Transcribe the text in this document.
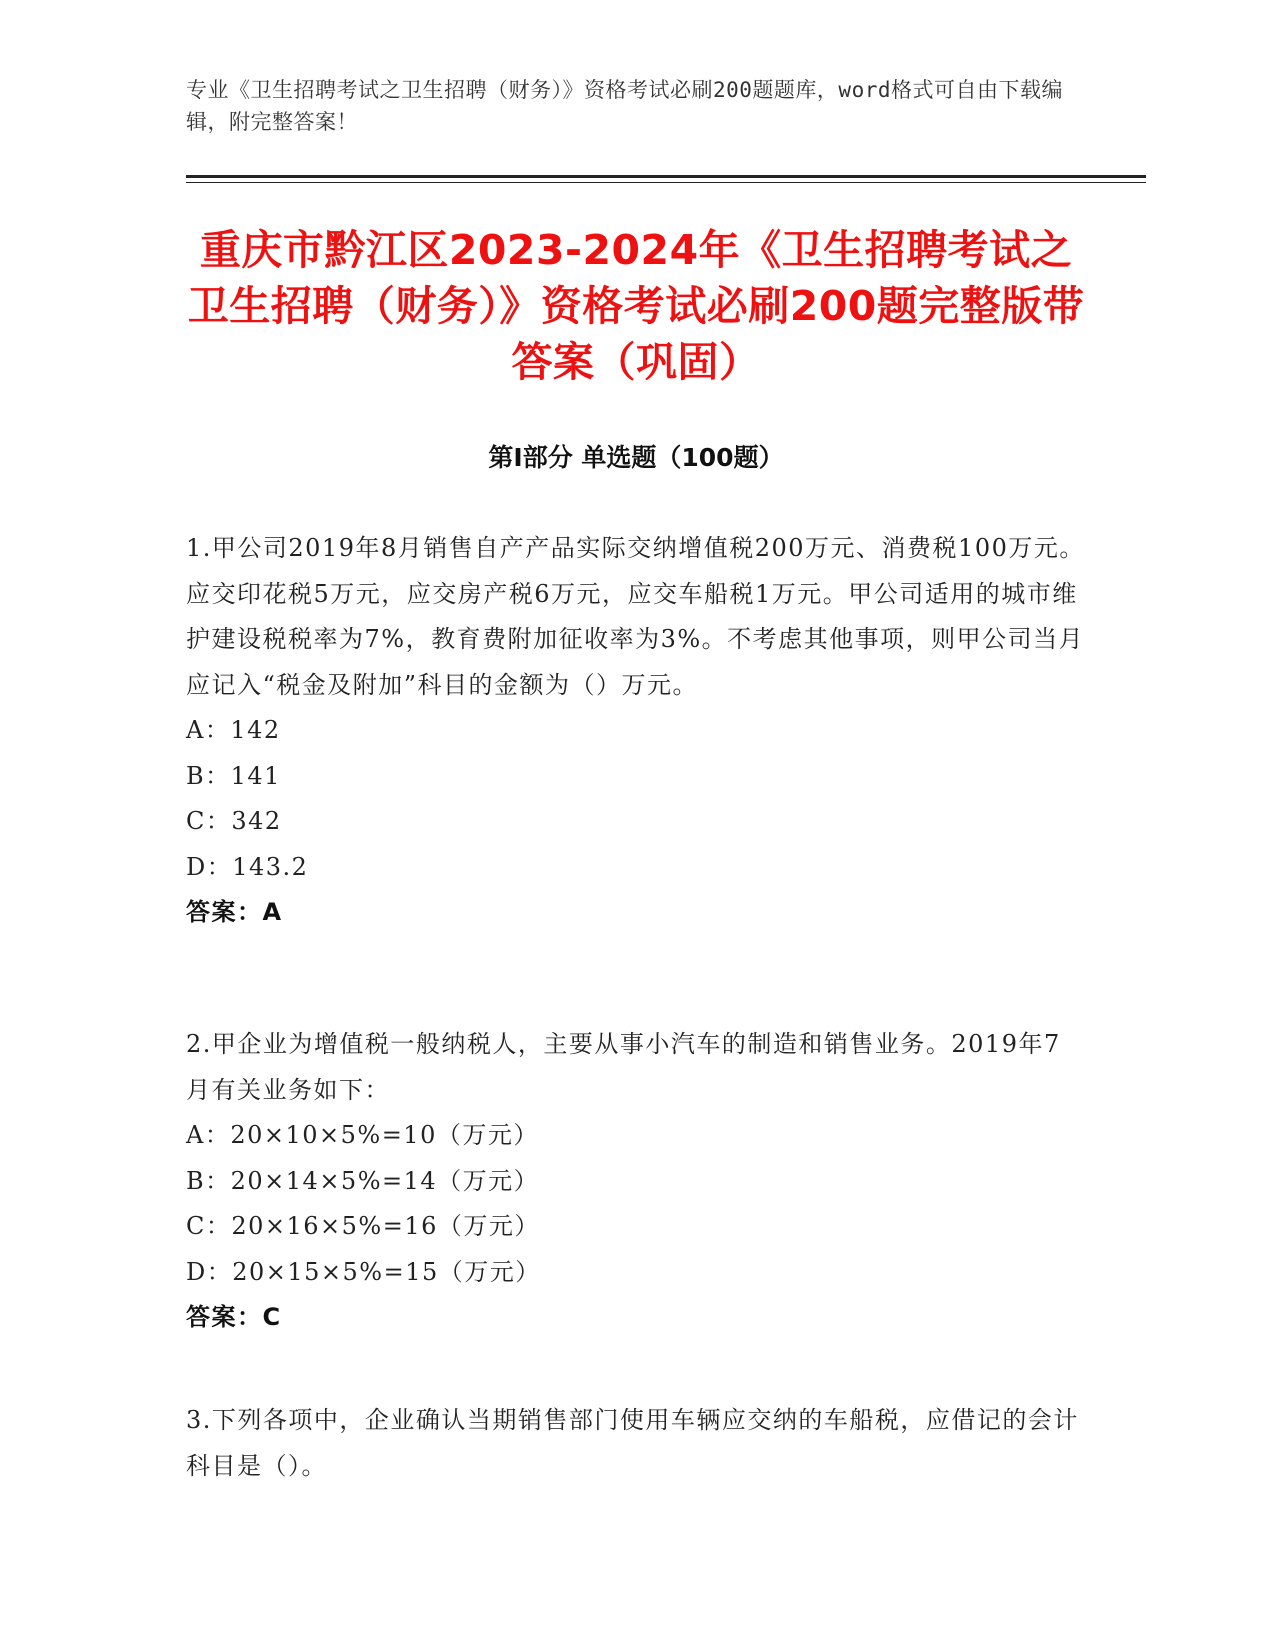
专业《卫生招聘考试之卫生招聘（财务）》资格考试必刷200题题库，word格式可自由下载编辑，附完整答案！
重庆市黔江区2023-2024年《卫生招聘考试之卫生招聘（财务）》资格考试必刷200题完整版带答案（巩固）
第Ⅰ部分 单选题（100题）

1.甲公司2019年8月销售自产产品实际交纳增值税200万元、消费税100万元。应交印花税5万元，应交房产税6万元，应交车船税1万元。甲公司适用的城市维护建设税税率为7%，教育费附加征收率为3%。不考虑其他事项，则甲公司当月应记入“税金及附加”科目的金额为（）万元。

A：142

B：141

C：342

D：143.2

答案：A

2.甲企业为增值税一般纳税人，主要从事小汽车的制造和销售业务。2019年7月有关业务如下：

A：20×10×5%=10（万元）

B：20×14×5%=14（万元）

C：20×16×5%=16（万元）

D：20×15×5%=15（万元）

答案：C

3.下列各项中，企业确认当期销售部门使用车辆应交纳的车船税，应借记的会计科目是（）。
